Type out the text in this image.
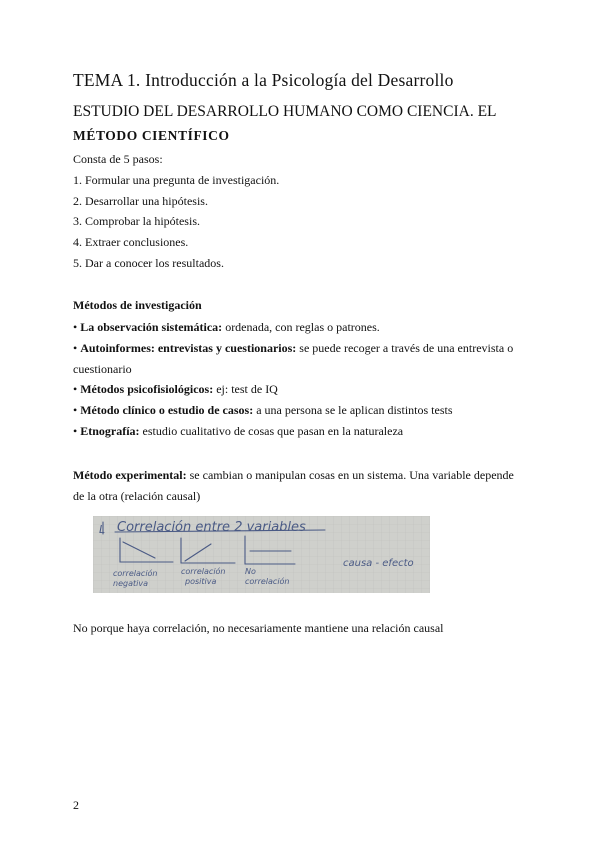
TEMA 1. Introducción a la Psicología del Desarrollo
ESTUDIO DEL DESARROLLO HUMANO COMO CIENCIA. EL
MÉTODO CIENTÍFICO

Consta de 5 pasos:

1. Formular una pregunta de investigación.

2. Desarrollar una hipótesis.

3. Comprobar la hipótesis.

4. Extraer conclusiones.

5. Dar a conocer los resultados.

Métodos de investigación

• La observación sistemática: ordenada, con reglas o patrones.

• Autoinformes: entrevistas y cuestionarios: se puede recoger a través de una entrevista o

cuestionario

• Métodos psicofisiológicos: ej: test de IQ

• Método clínico o estudio de casos: a una persona se le aplican distintos tests

• Etnografía: estudio cualitativo de cosas que pasan en la naturaleza

Método experimental: se cambian o manipulan cosas en un sistema. Una variable depende

de la otra (relación causal)

Correlación entre 2 variables
L
correlación
negativa
correlación
positiva
No
correlación
causa - efecto

No porque haya correlación, no necesariamente mantiene una relación causal

2
